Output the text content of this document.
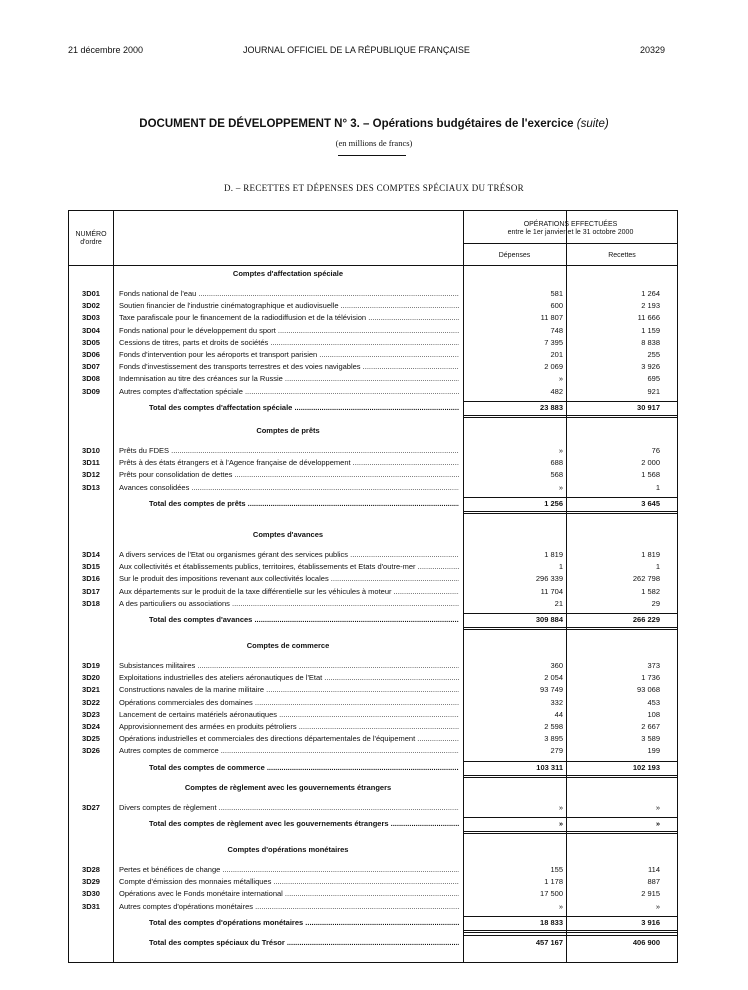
21 décembre 2000	JOURNAL OFFICIEL DE LA RÉPUBLIQUE FRANÇAISE	20329
DOCUMENT DE DÉVELOPPEMENT N° 3. – Opérations budgétaires de l'exercice (suite)
(en millions de francs)
D. – RECETTES ET DÉPENSES DES COMPTES SPÉCIAUX DU TRÉSOR
NUMÉRO d'ordre
OPÉRATIONS EFFECTUÉES
entre le 1er janvier et le 31 octobre 2000
Dépenses	Recettes
Comptes d'affectation spéciale
3D01	Fonds national de l'eau .....	581	1 264
3D02	Soutien financier de l'industrie cinématographique et audiovisuelle .....	600	2 193
3D03	Taxe parafiscale pour le financement de la radiodiffusion et de la télévision .....	11 807	11 666
3D04	Fonds national pour le développement du sport .....	748	1 159
3D05	Cessions de titres, parts et droits de sociétés .....	7 395	8 838
3D06	Fonds d'intervention pour les aéroports et transport parisien .....	201	255
3D07	Fonds d'investissement des transports terrestres et des voies navigables .....	2 069	3 926
3D08	Indemnisation au titre des créances sur la Russie .....	»	695
3D09	Autres comptes d'affectation spéciale .....	482	921
Total des comptes d'affectation spéciale .....	23 883	30 917
Comptes de prêts
3D10	Prêts du FDES .....	»	76
3D11	Prêts à des états étrangers et à l'Agence française de développement .....	688	2 000
3D12	Prêts pour consolidation de dettes .....	568	1 568
3D13	Avances consolidées .....	»	1
Total des comptes de prêts .....	1 256	3 645
Comptes d'avances
3D14	A divers services de l'Etat ou organismes gérant des services publics .....	1 819	1 819
3D15	Aux collectivités et établissements publics, territoires, établissements et Etats d'outre-mer .....	1	1
3D16	Sur le produit des impositions revenant aux collectivités locales .....	296 339	262 798
3D17	Aux départements sur le produit de la taxe différentielle sur les véhicules à moteur .....	11 704	1 582
3D18	A des particuliers ou associations .....	21	29
Total des comptes d'avances .....	309 884	266 229
Comptes de commerce
3D19	Subsistances militaires .....	360	373
3D20	Exploitations industrielles des ateliers aéronautiques de l'Etat .....	2 054	1 736
3D21	Constructions navales de la marine militaire .....	93 749	93 068
3D22	Opérations commerciales des domaines .....	332	453
3D23	Lancement de certains matériels aéronautiques .....	44	108
3D24	Approvisionnement des armées en produits pétroliers .....	2 598	2 667
3D25	Opérations industrielles et commerciales des directions départementales de l'équipement .....	3 895	3 589
3D26	Autres comptes de commerce .....	279	199
Total des comptes de commerce .....	103 311	102 193
Comptes de règlement avec les gouvernements étrangers
3D27	Divers comptes de règlement .....	»	»
Total des comptes de règlement avec les gouvernements étrangers .....	»	»
Comptes d'opérations monétaires
3D28	Pertes et bénéfices de change .....	155	114
3D29	Compte d'émission des monnaies métalliques .....	1 178	887
3D30	Opérations avec le Fonds monétaire international .....	17 500	2 915
3D31	Autres comptes d'opérations monétaires .....	»	»
Total des comptes d'opérations monétaires .....	18 833	3 916
Total des comptes spéciaux du Trésor .....	457 167	406 900
